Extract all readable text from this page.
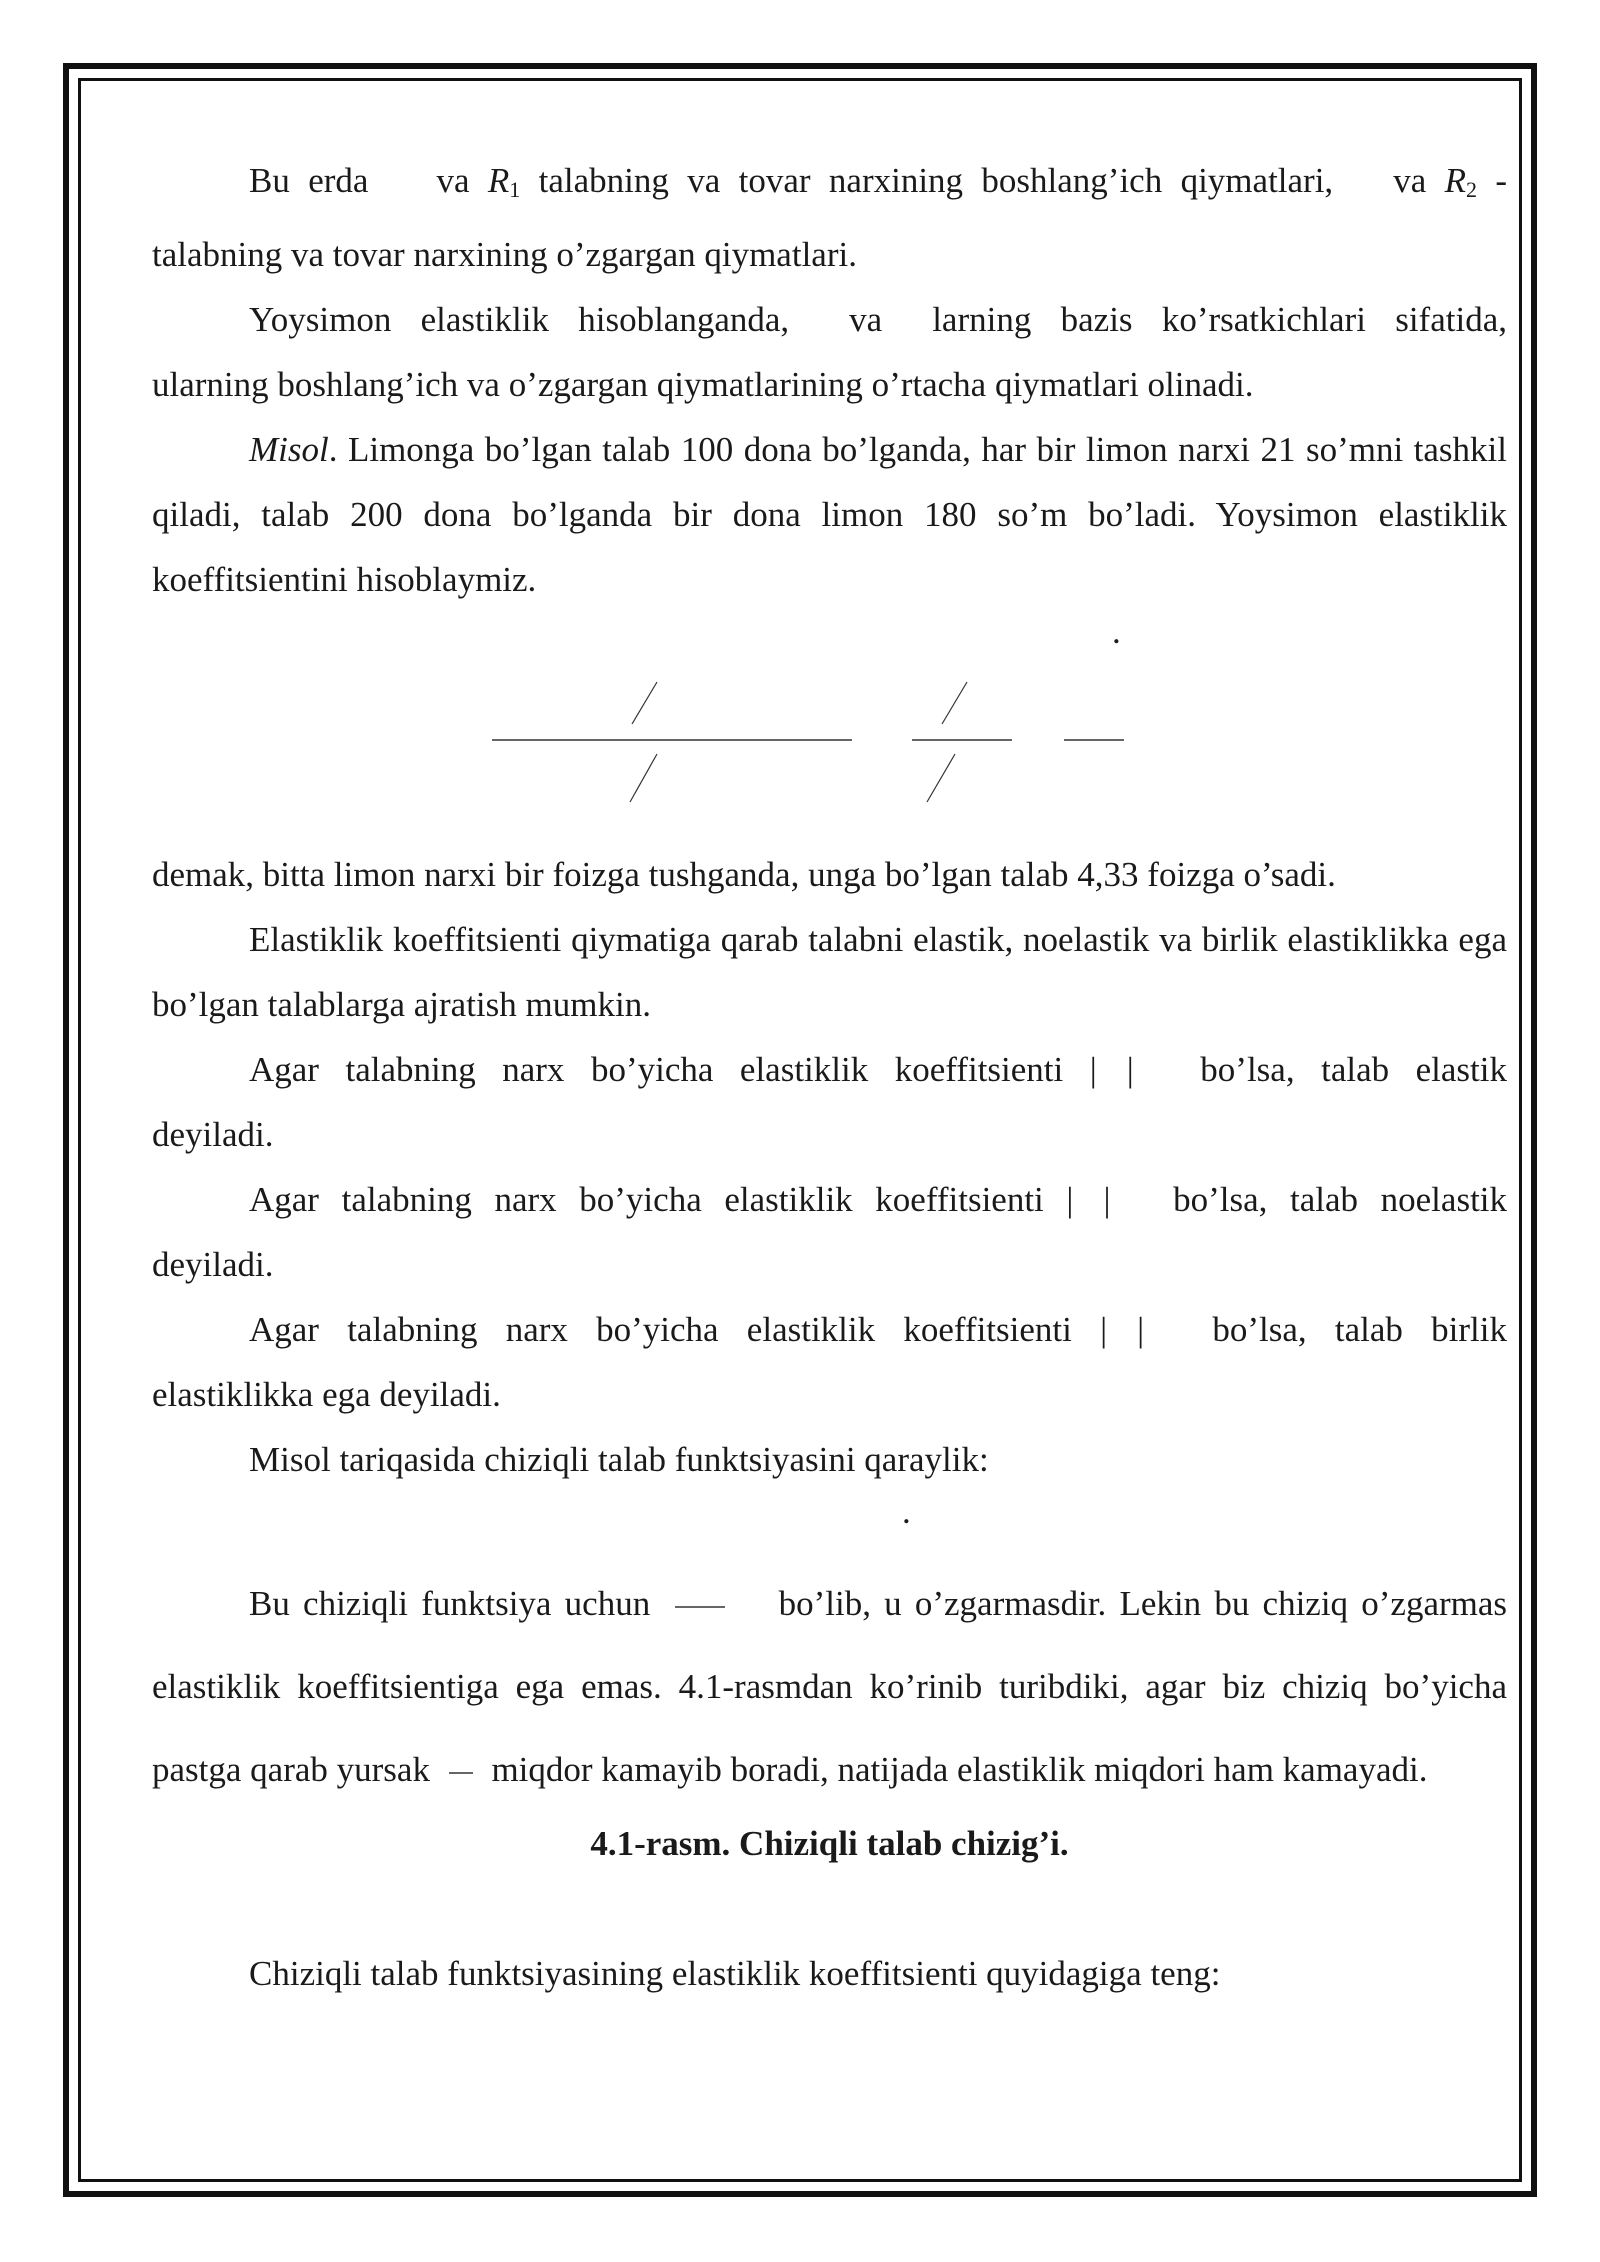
Bu erda va $R_1$ talabning va tovar narxining boshlang’ich qiymatlari, va $R_2$ -

talabning va tovar narxining o’zgargan qiymatlari.

Yoysimon elastiklik hisoblanganda, va larning bazis ko’rsatkichlari sifatida,

ularning boshlang’ich va o’zgargan qiymatlarining o’rtacha qiymatlari olinadi.

Misol. Limonga bo’lgan talab 100 dona bo’lganda, har bir limon narxi 21 so’mni tashkil qiladi, talab 200 dona bo’lganda bir dona limon 180 so’m bo’ladi. Yoysimon elastiklik koeffitsientini hisoblaymiz.

.

demak, bitta limon narxi bir foizga tushganda, unga bo’lgan talab 4,33 foizga o’sadi.

Elastiklik koeffitsienti qiymatiga qarab talabni elastik, noelastik va birlik elastiklikka ega bo’lgan talablarga ajratish mumkin.

Agar talabning narx bo’yicha elastiklik koeffitsienti | | bo’lsa, talab elastik

deyiladi.

Agar talabning narx bo’yicha elastiklik koeffitsienti | | bo’lsa, talab noelastik

deyiladi.

Agar talabning narx bo’yicha elastiklik koeffitsienti | | bo’lsa, talab birlik

elastiklikka ega deyiladi.

Misol tariqasida chiziqli talab funktsiyasini qaraylik:

.

Bu chiziqli funktsiya uchun	bo’lib, u o’zgarmasdir. Lekin bu chiziq o’zgarmas elastiklik koeffitsientiga ega emas. 4.1-rasmdan ko’rinib turibdiki, agar biz chiziq bo’yicha pastga qarab yursak miqdor kamayib boradi, natijada elastiklik miqdori ham kamayadi.

4.1-rasm. Chiziqli talab chizig’i.

Chiziqli talab funktsiyasining elastiklik koeffitsienti quyidagiga teng:
